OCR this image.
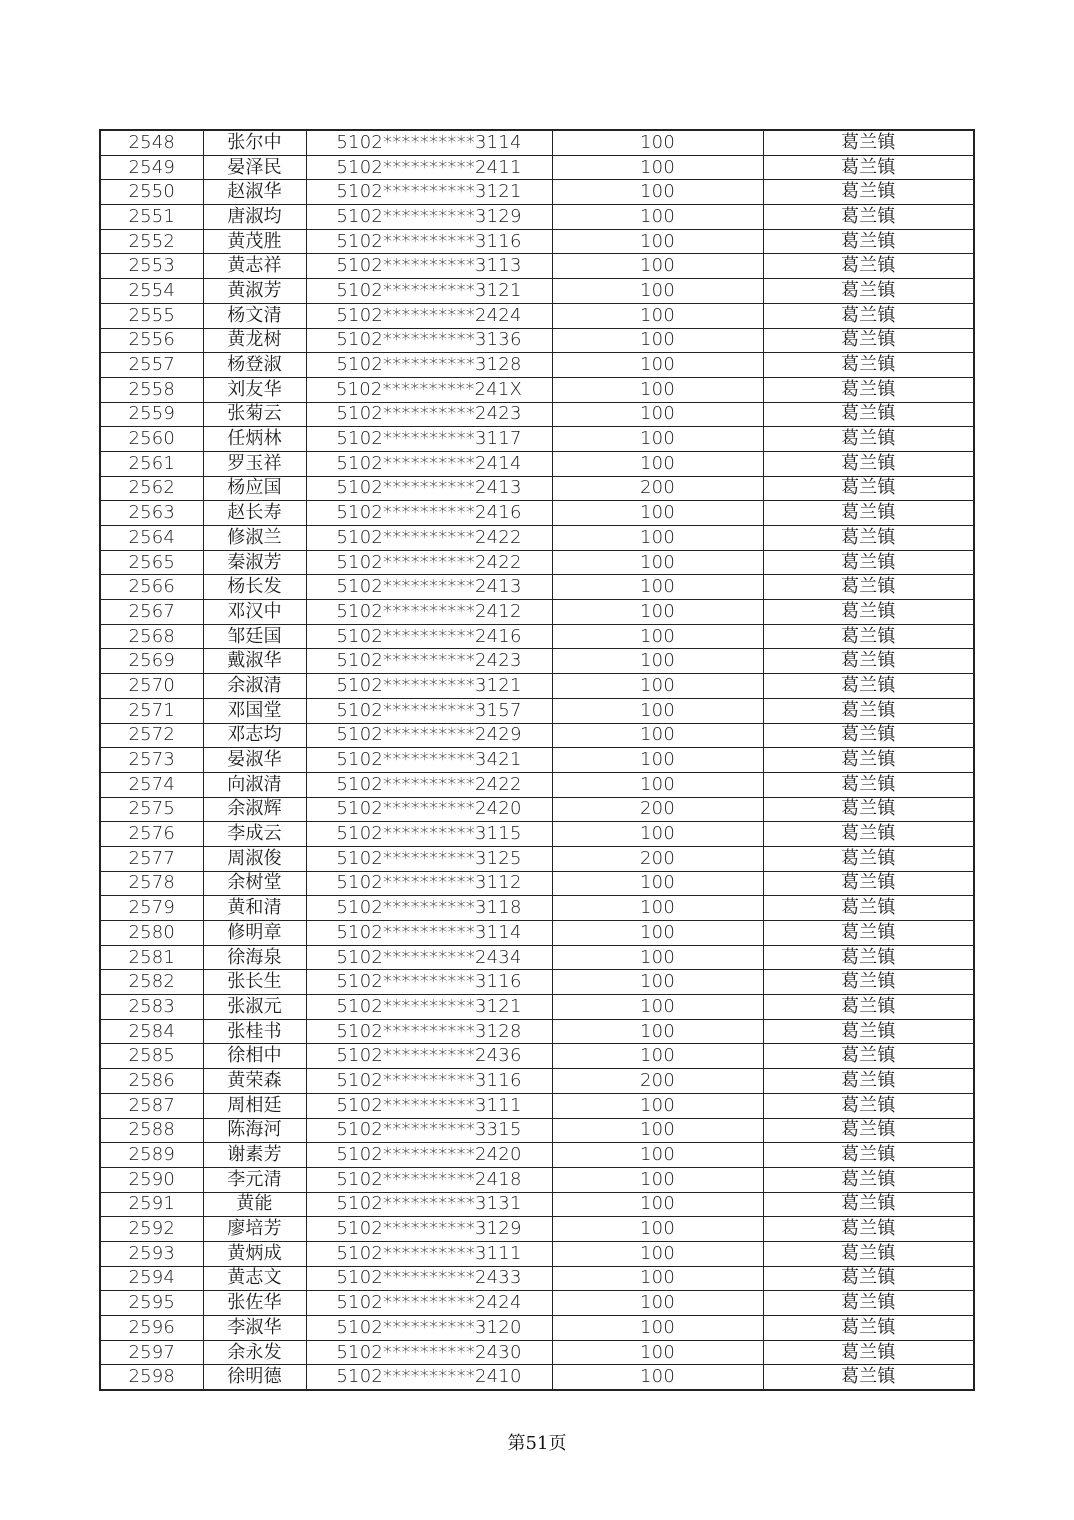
2548	张尔中	5102**********3114	100	葛兰镇
2549	晏泽民	5102**********2411	100	葛兰镇
2550	赵淑华	5102**********3121	100	葛兰镇
2551	唐淑均	5102**********3129	100	葛兰镇
2552	黄茂胜	5102**********3116	100	葛兰镇
2553	黄志祥	5102**********3113	100	葛兰镇
2554	黄淑芳	5102**********3121	100	葛兰镇
2555	杨文清	5102**********2424	100	葛兰镇
2556	黄龙树	5102**********3136	100	葛兰镇
2557	杨登淑	5102**********3128	100	葛兰镇
2558	刘友华	5102**********241X	100	葛兰镇
2559	张菊云	5102**********2423	100	葛兰镇
2560	任炳林	5102**********3117	100	葛兰镇
2561	罗玉祥	5102**********2414	100	葛兰镇
2562	杨应国	5102**********2413	200	葛兰镇
2563	赵长寿	5102**********2416	100	葛兰镇
2564	修淑兰	5102**********2422	100	葛兰镇
2565	秦淑芳	5102**********2422	100	葛兰镇
2566	杨长发	5102**********2413	100	葛兰镇
2567	邓汉中	5102**********2412	100	葛兰镇
2568	邹廷国	5102**********2416	100	葛兰镇
2569	戴淑华	5102**********2423	100	葛兰镇
2570	余淑清	5102**********3121	100	葛兰镇
2571	邓国堂	5102**********3157	100	葛兰镇
2572	邓志均	5102**********2429	100	葛兰镇
2573	晏淑华	5102**********3421	100	葛兰镇
2574	向淑清	5102**********2422	100	葛兰镇
2575	余淑辉	5102**********2420	200	葛兰镇
2576	李成云	5102**********3115	100	葛兰镇
2577	周淑俊	5102**********3125	200	葛兰镇
2578	余树堂	5102**********3112	100	葛兰镇
2579	黄和清	5102**********3118	100	葛兰镇
2580	修明章	5102**********3114	100	葛兰镇
2581	徐海泉	5102**********2434	100	葛兰镇
2582	张长生	5102**********3116	100	葛兰镇
2583	张淑元	5102**********3121	100	葛兰镇
2584	张桂书	5102**********3128	100	葛兰镇
2585	徐相中	5102**********2436	100	葛兰镇
2586	黄荣森	5102**********3116	200	葛兰镇
2587	周相廷	5102**********3111	100	葛兰镇
2588	陈海河	5102**********3315	100	葛兰镇
2589	谢素芳	5102**********2420	100	葛兰镇
2590	李元清	5102**********2418	100	葛兰镇
2591	黄能	5102**********3131	100	葛兰镇
2592	廖培芳	5102**********3129	100	葛兰镇
2593	黄炳成	5102**********3111	100	葛兰镇
2594	黄志文	5102**********2433	100	葛兰镇
2595	张佐华	5102**********2424	100	葛兰镇
2596	李淑华	5102**********3120	100	葛兰镇
2597	余永发	5102**********2430	100	葛兰镇
2598	徐明德	5102**********2410	100	葛兰镇
第51页
